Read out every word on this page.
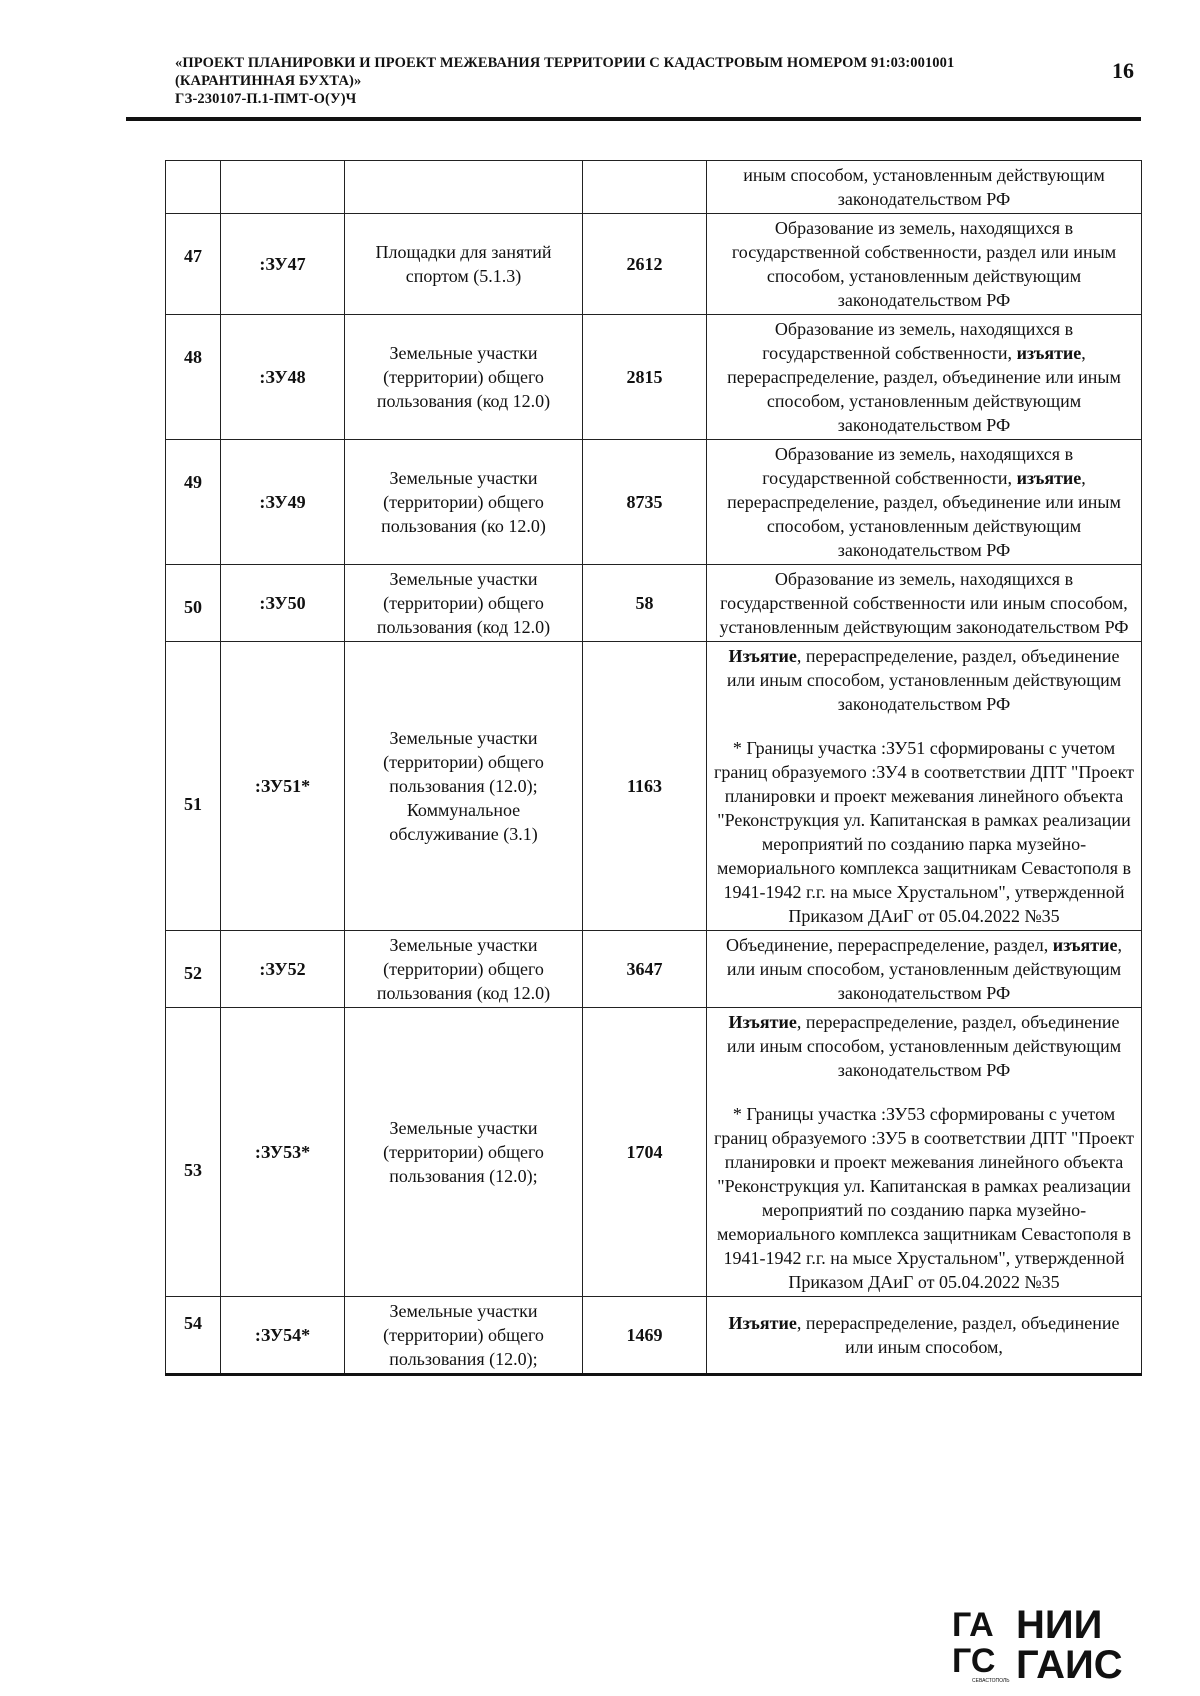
«ПРОЕКТ ПЛАНИРОВКИ И ПРОЕКТ МЕЖЕВАНИЯ ТЕРРИТОРИИ С КАДАСТРОВЫМ НОМЕРОМ 91:03:001001
(КАРАНТИННАЯ БУХТА)»
ГЗ-230107-П.1-ПМТ-О(У)Ч
16
				иным способом, установленным действующим законодательством РФ
47	:ЗУ47	Площадки для занятий спортом (5.1.3)	2612	Образование из земель, находящихся в государственной собственности, раздел или иным способом, установленным действующим законодательством РФ
48	:ЗУ48	Земельные участки (территории) общего пользования (код 12.0)	2815	Образование из земель, находящихся в государственной собственности, изъятие, перераспределение, раздел, объединение или иным способом, установленным действующим законодательством РФ
49	:ЗУ49	Земельные участки (территории) общего пользования (ко 12.0)	8735	Образование из земель, находящихся в государственной собственности, изъятие, перераспределение, раздел, объединение или иным способом, установленным действующим законодательством РФ
50	:ЗУ50	Земельные участки (территории) общего пользования (код 12.0)	58	Образование из земель, находящихся в государственной собственности или иным способом, установленным действующим законодательством РФ
51	:ЗУ51*	Земельные участки (территории) общего пользования (12.0); Коммунальное обслуживание (3.1)	1163	Изъятие, перераспределение, раздел, объединение или иным способом, установленным действующим законодательством РФ
* Границы участка :ЗУ51 сформированы с учетом границ образуемого :ЗУ4 в соответствии ДПТ "Проект планировки и проект межевания линейного объекта "Реконструкция ул. Капитанская в рамках реализации мероприятий по созданию парка музейно-мемориального комплекса защитникам Севастополя в 1941-1942 г.г. на мысе Хрустальном", утвержденной Приказом ДАиГ от 05.04.2022 №35

52	:ЗУ52	Земельные участки (территории) общего пользования (код 12.0)	3647	Объединение, перераспределение, раздел, изъятие, или иным способом, установленным действующим законодательством РФ
53	:ЗУ53*	Земельные участки (территории) общего пользования (12.0);	1704	Изъятие, перераспределение, раздел, объединение или иным способом, установленным действующим законодательством РФ
* Границы участка :ЗУ53 сформированы с учетом границ образуемого :ЗУ5 в соответствии ДПТ "Проект планировки и проект межевания линейного объекта "Реконструкция ул. Капитанская в рамках реализации мероприятий по созданию парка музейно-мемориального комплекса защитникам Севастополя в 1941-1942 г.г. на мысе Хрустальном", утвержденной Приказом ДАиГ от 05.04.2022 №35

54	:ЗУ54*	Земельные участки (территории) общего пользования (12.0);	1469	Изъятие, перераспределение, раздел, объединение или иным способом,
ГА
ГС
СЕВАСТОПОЛЬ
НИИ
ГАИС
